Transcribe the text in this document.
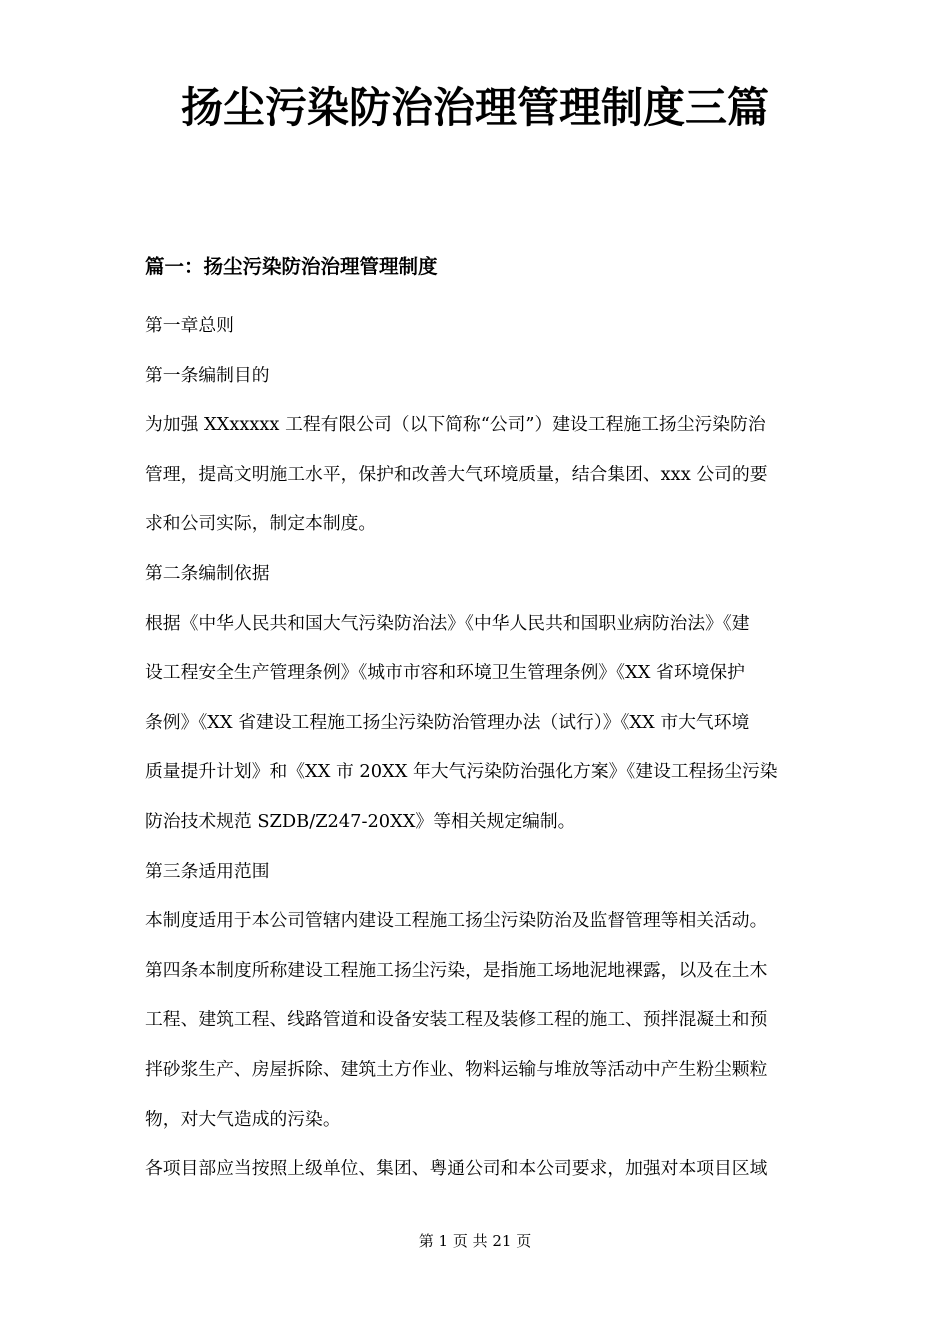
扬尘污染防治治理管理制度三篇
篇一：扬尘污染防治治理管理制度
第一章总则
第一条编制目的
为加强 XXxxxxx 工程有限公司（以下简称“公司”）建设工程施工扬尘污染防治
管理，提高文明施工水平，保护和改善大气环境质量，结合集团、xxx 公司的要
求和公司实际，制定本制度。
第二条编制依据
根据《中华人民共和国大气污染防治法》《中华人民共和国职业病防治法》《建
设工程安全生产管理条例》《城市市容和环境卫生管理条例》《XX 省环境保护
条例》《XX 省建设工程施工扬尘污染防治管理办法（试行）》《XX 市大气环境
质量提升计划》和《XX 市 20XX 年大气污染防治强化方案》《建设工程扬尘污染
防治技术规范 SZDB/Z247-20XX》等相关规定编制。
第三条适用范围
本制度适用于本公司管辖内建设工程施工扬尘污染防治及监督管理等相关活动。
第四条本制度所称建设工程施工扬尘污染，是指施工场地泥地裸露，以及在土木
工程、建筑工程、线路管道和设备安装工程及装修工程的施工、预拌混凝土和预
拌砂浆生产、房屋拆除、建筑土方作业、物料运输与堆放等活动中产生粉尘颗粒
物，对大气造成的污染。
各项目部应当按照上级单位、集团、粤通公司和本公司要求，加强对本项目区域
第 1 页 共 21 页
